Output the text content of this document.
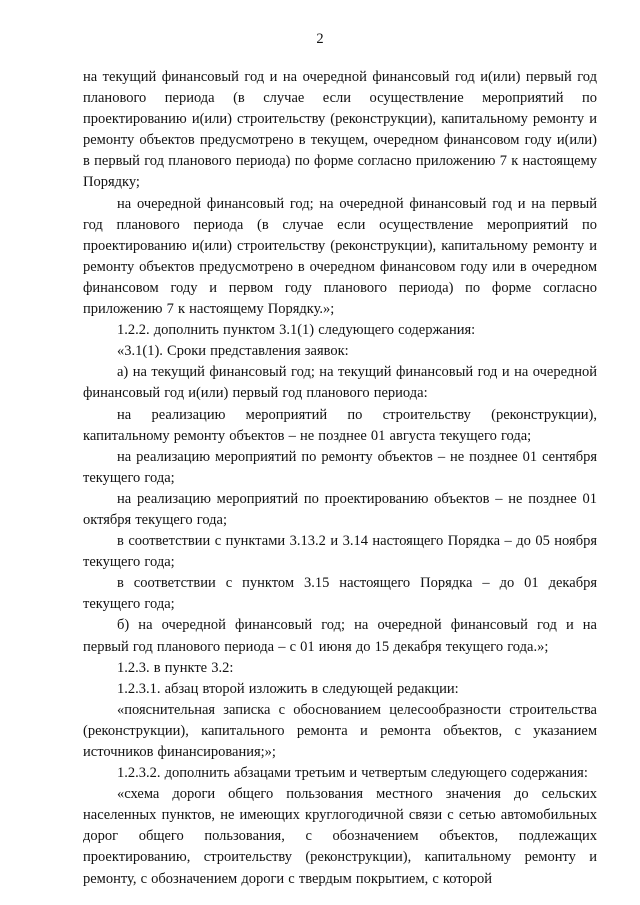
2

на текущий финансовый год и на очередной финансовый год и(или) первый год планового периода (в случае если осуществление мероприятий по проектированию и(или) строительству (реконструкции), капитальному ремонту и ремонту объектов предусмотрено в текущем, очередном финансовом году и(или) в первый год планового периода) по форме согласно приложению 7 к настоящему Порядку;

на очередной финансовый год; на очередной финансовый год и на первый год планового периода (в случае если осуществление мероприятий по проектированию и(или) строительству (реконструкции), капитальному ремонту и ремонту объектов предусмотрено в очередном финансовом году или в очередном финансовом году и первом году планового периода) по форме согласно приложению 7 к настоящему Порядку.»;

1.2.2. дополнить пунктом 3.1(1) следующего содержания:

«3.1(1). Сроки представления заявок:

а) на текущий финансовый год; на текущий финансовый год и на очередной финансовый год и(или) первый год планового периода:

на реализацию мероприятий по строительству (реконструкции), капитальному ремонту объектов – не позднее 01 августа текущего года;

на реализацию мероприятий по ремонту объектов – не позднее 01 сентября текущего года;

на реализацию мероприятий по проектированию объектов – не позднее 01 октября текущего года;

в соответствии с пунктами 3.13.2 и 3.14 настоящего Порядка – до 05 ноября текущего года;

в соответствии с пунктом 3.15 настоящего Порядка – до 01 декабря текущего года;

б) на очередной финансовый год; на очередной финансовый год и на первый год планового периода – с 01 июня до 15 декабря текущего года.»;

1.2.3. в пункте 3.2:

1.2.3.1. абзац второй изложить в следующей редакции:

«пояснительная записка с обоснованием целесообразности строительства (реконструкции), капитального ремонта и ремонта объектов, с указанием источников финансирования;»;

1.2.3.2. дополнить абзацами третьим и четвертым следующего содержания:

«схема дороги общего пользования местного значения до сельских населенных пунктов, не имеющих круглогодичной связи с сетью автомобильных дорог общего пользования, с обозначением объектов, подлежащих проектированию, строительству (реконструкции), капитальному ремонту и ремонту, с обозначением дороги с твердым покрытием, с которой
